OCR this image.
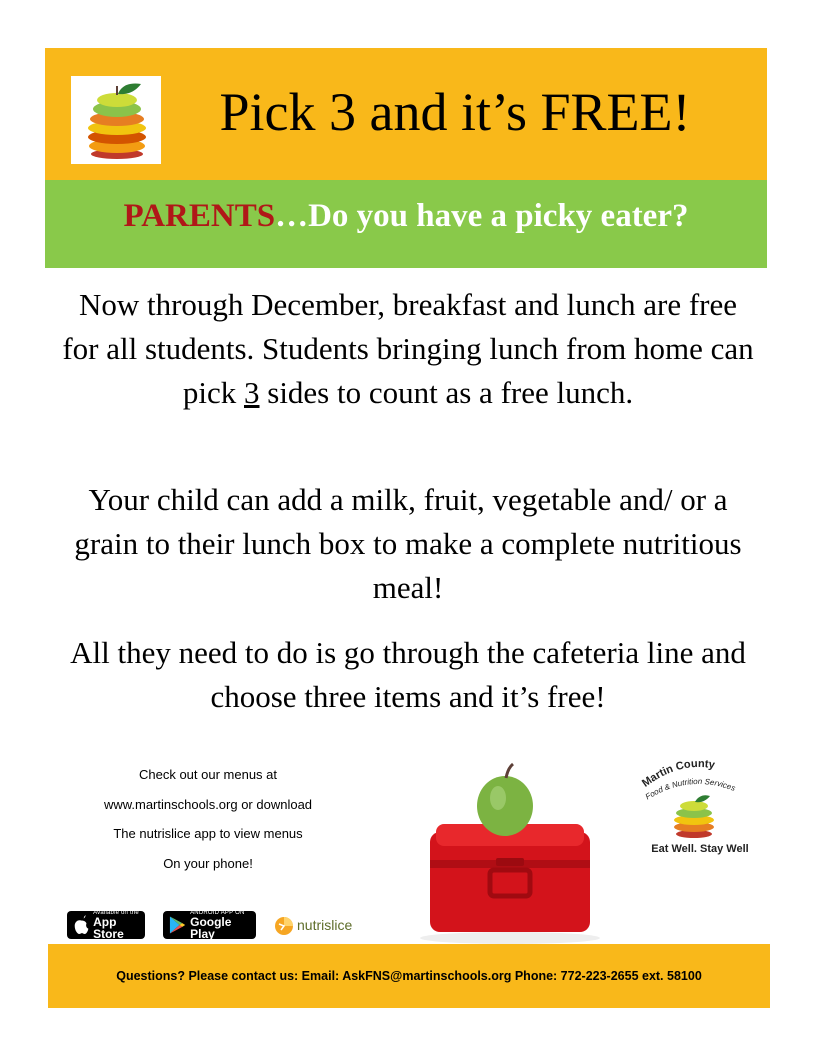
Pick 3 and it’s FREE!
PARENTS…Do you have a picky eater?
Now through December, breakfast and lunch are free for all students. Students bringing lunch from home can pick 3 sides to count as a free lunch.
Your child can add a milk, fruit, vegetable and/ or a grain to their lunch box to make a complete nutritious meal!
All they need to do is go through the cafeteria line and choose three items and it’s free!
Check out our menus at
www.martinschools.org or download
The nutrislice app to view menus
On your phone!
Available on the
App Store
ANDROID APP ON
Google Play
nutrislice
Martin County
Food & Nutrition Services
Eat Well. Stay Well
Questions? Please contact us: Email: AskFNS@martinschools.org Phone: 772-223-2655 ext. 58100
